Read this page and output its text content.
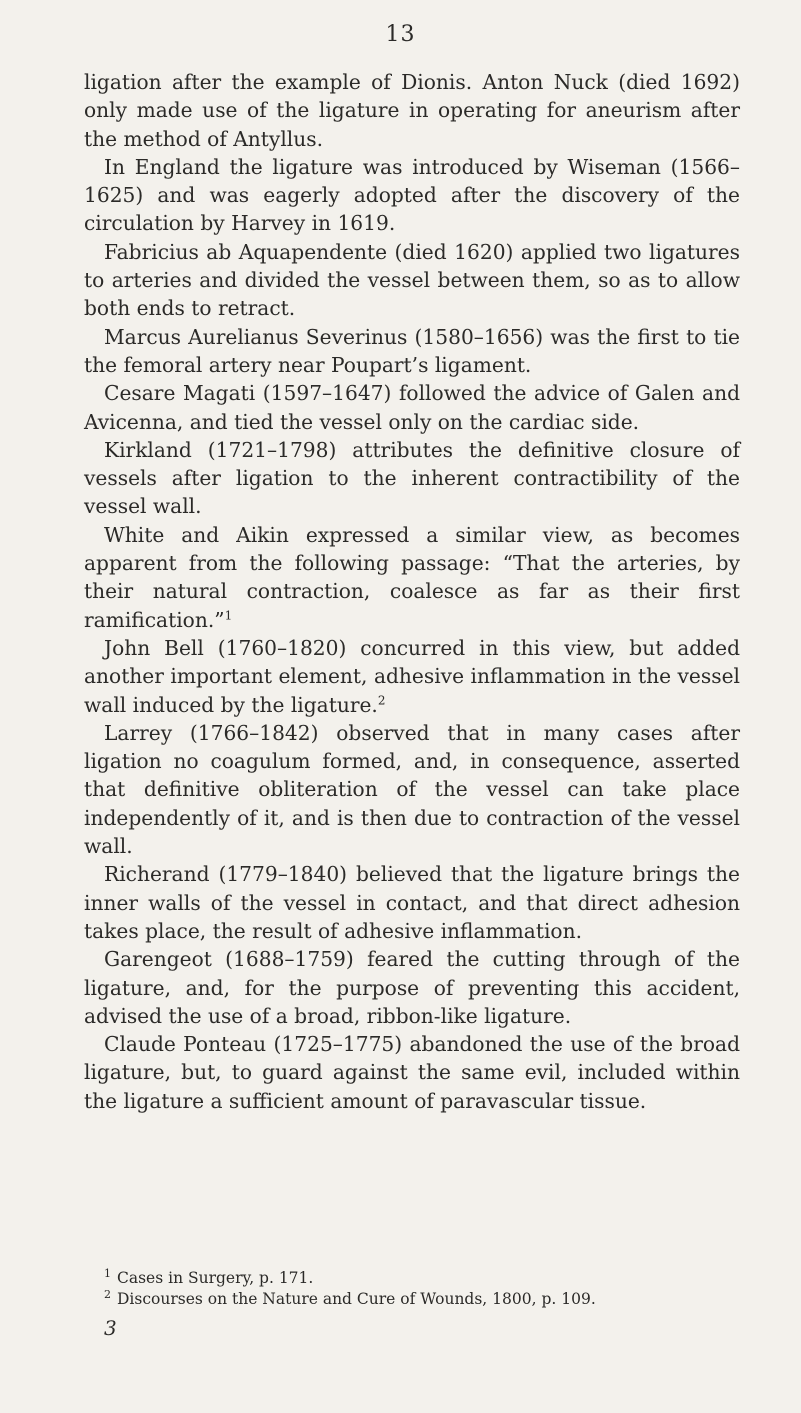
13

ligation after the example of Dionis. Anton Nuck (died 1692) only made use of the ligature in operating for aneurism after the method of Antyllus.

In England the ligature was introduced by Wiseman (1566–1625) and was eagerly adopted after the discovery of the circulation by Harvey in 1619.

Fabricius ab Aquapendente (died 1620) applied two ligatures to arteries and divided the vessel between them, so as to allow both ends to retract.

Marcus Aurelianus Severinus (1580–1656) was the first to tie the femoral artery near Poupart’s ligament.

Cesare Magati (1597–1647) followed the advice of Galen and Avicenna, and tied the vessel only on the cardiac side.

Kirkland (1721–1798) attributes the definitive closure of vessels after ligation to the inherent contractibility of the vessel wall.

White and Aikin expressed a similar view, as becomes apparent from the following passage: “That the arteries, by their natural contraction, coalesce as far as their first ramification.”$^1$

John Bell (1760–1820) concurred in this view, but added another important element, adhesive inflammation in the vessel wall induced by the ligature.$^2$

Larrey (1766–1842) observed that in many cases after ligation no coagulum formed, and, in consequence, asserted that definitive obliteration of the vessel can take place independently of it, and is then due to contraction of the vessel wall.

Richerand (1779–1840) believed that the ligature brings the inner walls of the vessel in contact, and that direct adhesion takes place, the result of adhesive inflammation.

Garengeot (1688–1759) feared the cutting through of the ligature, and, for the purpose of preventing this accident, advised the use of a broad, ribbon-like ligature.

Claude Ponteau (1725–1775) abandoned the use of the broad ligature, but, to guard against the same evil, included within the ligature a sufficient amount of paravascular tissue.

$^1$ Cases in Surgery, p. 171.

$^2$ Discourses on the Nature and Cure of Wounds, 1800, p. 109.

3
